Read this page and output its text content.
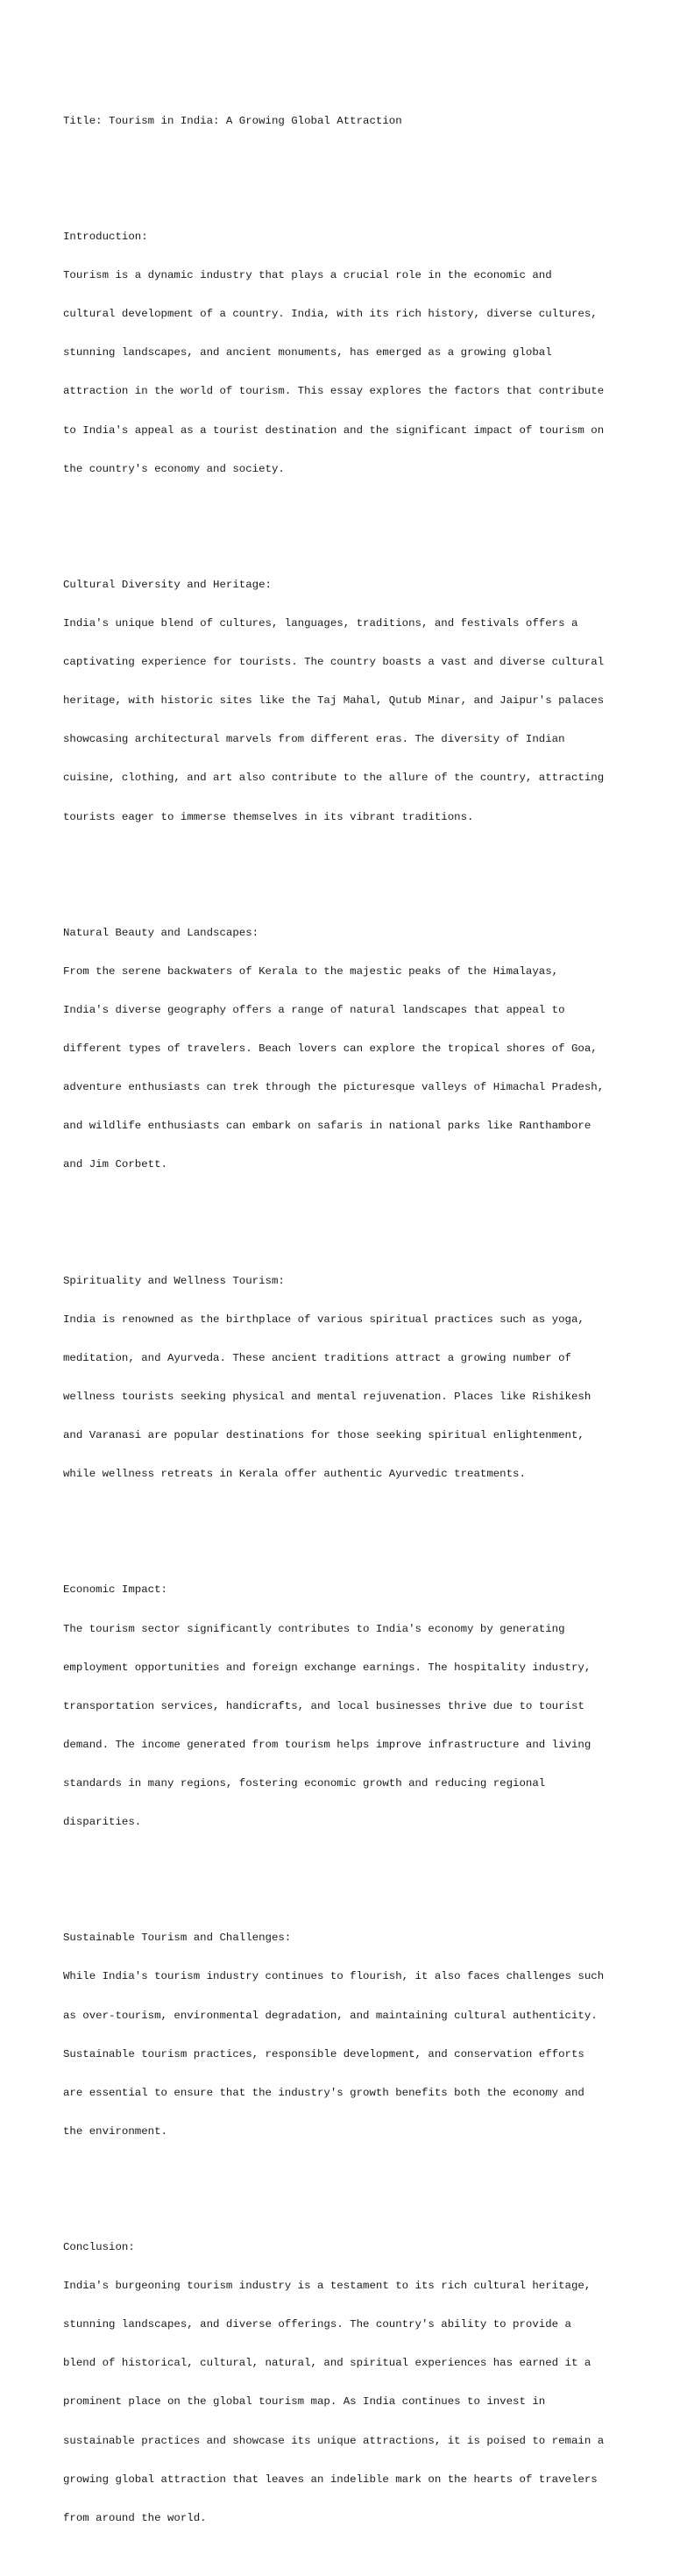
Title: Tourism in India: A Growing Global Attraction

Introduction:

Tourism is a dynamic industry that plays a crucial role in the economic and

cultural development of a country. India, with its rich history, diverse cultures,

stunning landscapes, and ancient monuments, has emerged as a growing global

attraction in the world of tourism. This essay explores the factors that contribute

to India's appeal as a tourist destination and the significant impact of tourism on

the country's economy and society.

Cultural Diversity and Heritage:

India's unique blend of cultures, languages, traditions, and festivals offers a

captivating experience for tourists. The country boasts a vast and diverse cultural

heritage, with historic sites like the Taj Mahal, Qutub Minar, and Jaipur's palaces

showcasing architectural marvels from different eras. The diversity of Indian

cuisine, clothing, and art also contribute to the allure of the country, attracting

tourists eager to immerse themselves in its vibrant traditions.

Natural Beauty and Landscapes:

From the serene backwaters of Kerala to the majestic peaks of the Himalayas,

India's diverse geography offers a range of natural landscapes that appeal to

different types of travelers. Beach lovers can explore the tropical shores of Goa,

adventure enthusiasts can trek through the picturesque valleys of Himachal Pradesh,

and wildlife enthusiasts can embark on safaris in national parks like Ranthambore

and Jim Corbett.

Spirituality and Wellness Tourism:

India is renowned as the birthplace of various spiritual practices such as yoga,

meditation, and Ayurveda. These ancient traditions attract a growing number of

wellness tourists seeking physical and mental rejuvenation. Places like Rishikesh

and Varanasi are popular destinations for those seeking spiritual enlightenment,

while wellness retreats in Kerala offer authentic Ayurvedic treatments.

Economic Impact:

The tourism sector significantly contributes to India's economy by generating

employment opportunities and foreign exchange earnings. The hospitality industry,

transportation services, handicrafts, and local businesses thrive due to tourist

demand. The income generated from tourism helps improve infrastructure and living

standards in many regions, fostering economic growth and reducing regional

disparities.

Sustainable Tourism and Challenges:

While India's tourism industry continues to flourish, it also faces challenges such

as over-tourism, environmental degradation, and maintaining cultural authenticity.

Sustainable tourism practices, responsible development, and conservation efforts

are essential to ensure that the industry's growth benefits both the economy and

the environment.

Conclusion:

India's burgeoning tourism industry is a testament to its rich cultural heritage,

stunning landscapes, and diverse offerings. The country's ability to provide a

blend of historical, cultural, natural, and spiritual experiences has earned it a

prominent place on the global tourism map. As India continues to invest in

sustainable practices and showcase its unique attractions, it is poised to remain a

growing global attraction that leaves an indelible mark on the hearts of travelers

from around the world.
